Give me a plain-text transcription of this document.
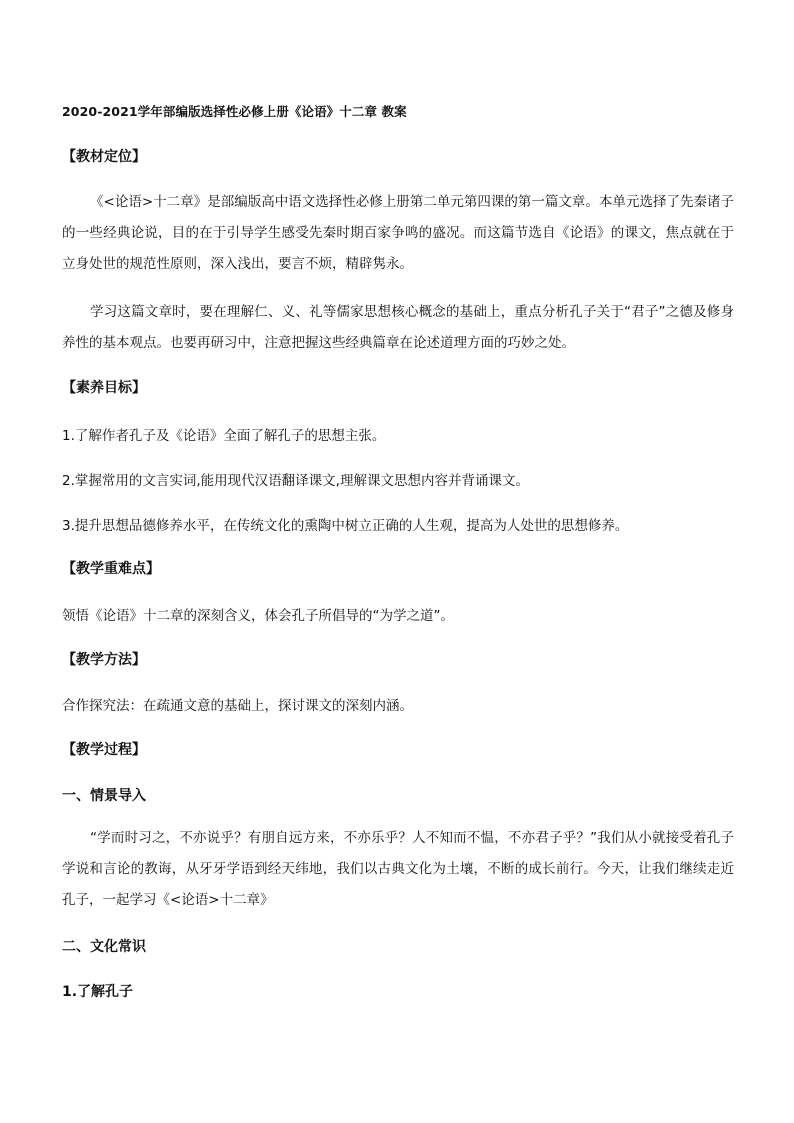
2020-2021学年部编版选择性必修上册《论语》十二章 教案
【教材定位】

《<论语>十二章》是部编版高中语文选择性必修上册第二单元第四课的第一篇文章。本单元选择了先秦诸子的一些经典论说，目的在于引导学生感受先秦时期百家争鸣的盛况。而这篇节选自《论语》的课文，焦点就在于立身处世的规范性原则，深入浅出，要言不烦，精辟隽永。

学习这篇文章时，要在理解仁、义、礼等儒家思想核心概念的基础上，重点分析孔子关于“君子”之德及修身养性的基本观点。也要再研习中，注意把握这些经典篇章在论述道理方面的巧妙之处。

【素养目标】
1.了解作者孔子及《论语》全面了解孔子的思想主张。
2.掌握常用的文言实词,能用现代汉语翻译课文,理解课文思想内容并背诵课文。
3.提升思想品德修养水平，在传统文化的熏陶中树立正确的人生观，提高为人处世的思想修养。
【教学重难点】
领悟《论语》十二章的深刻含义，体会孔子所倡导的“为学之道”。
【教学方法】
合作探究法：在疏通文意的基础上，探讨课文的深刻内涵。
【教学过程】
一、情景导入

“学而时习之，不亦说乎？有朋自远方来，不亦乐乎？人不知而不愠，不亦君子乎？”我们从小就接受着孔子学说和言论的教诲，从牙牙学语到经天纬地，我们以古典文化为土壤，不断的成长前行。今天，让我们继续走近孔子，一起学习《<论语>十二章》

二、文化常识
1.了解孔子
